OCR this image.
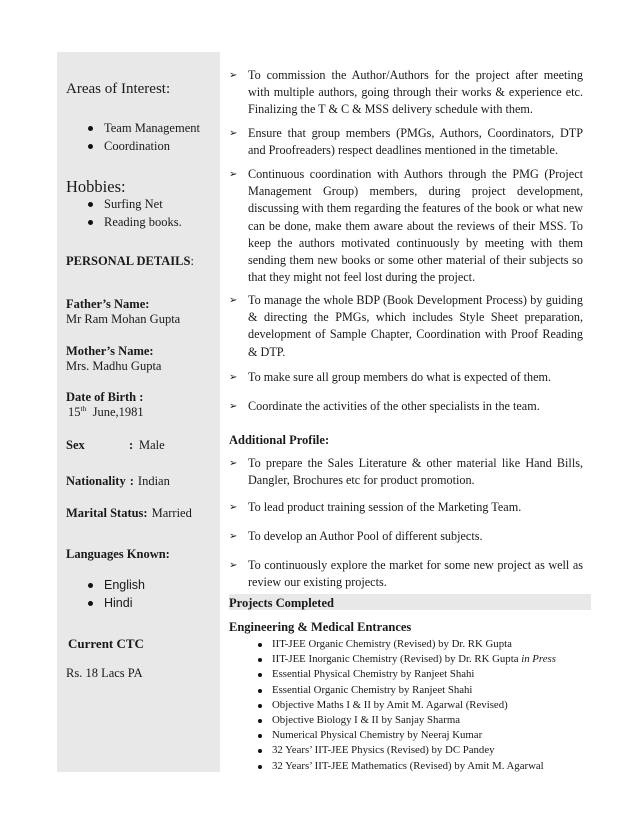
Areas of Interest:
Team Management
Coordination
Hobbies:
Surfing Net
Reading books.
PERSONAL DETAILS:
Father’s Name:
Mr Ram Mohan Gupta
Mother’s Name:
Mrs. Madhu Gupta
Date of Birth :
15th June,1981
Sex	: Male
Nationality : Indian
Marital Status: Married
Languages Known:
English
Hindi
Current CTC
Rs. 18 Lacs PA
➢ To commission the Author/Authors for the project after meeting with multiple authors, going through their works & experience etc. Finalizing the T & C & MSS delivery schedule with them.
➢ Ensure that group members (PMGs, Authors, Coordinators, DTP and Proofreaders) respect deadlines mentioned in the timetable.
➢ Continuous coordination with Authors through the PMG (Project Management Group) members, during project development, discussing with them regarding the features of the book or what new can be done, make them aware about the reviews of their MSS. To keep the authors motivated continuously by meeting with them sending them new books or some other material of their subjects so that they might not feel lost during the project.
➢ To manage the whole BDP (Book Development Process) by guiding & directing the PMGs, which includes Style Sheet preparation, development of Sample Chapter, Coordination with Proof Reading & DTP.
➢ To make sure all group members do what is expected of them.
➢ Coordinate the activities of the other specialists in the team.
Additional Profile:
➢ To prepare the Sales Literature & other material like Hand Bills, Dangler, Brochures etc for product promotion.
➢ To lead product training session of the Marketing Team.
➢ To develop an Author Pool of different subjects.
➢ To continuously explore the market for some new project as well as review our existing projects.
Projects Completed
Engineering & Medical Entrances
IIT-JEE Organic Chemistry (Revised) by Dr. RK Gupta
IIT-JEE Inorganic Chemistry (Revised) by Dr. RK Gupta in Press
Essential Physical Chemistry by Ranjeet Shahi
Essential Organic Chemistry by Ranjeet Shahi
Objective Maths I & II by Amit M. Agarwal (Revised)
Objective Biology I & II by Sanjay Sharma
Numerical Physical Chemistry by Neeraj Kumar
32 Years’ IIT-JEE Physics (Revised) by DC Pandey
32 Years’ IIT-JEE Mathematics (Revised) by Amit M. Agarwal
